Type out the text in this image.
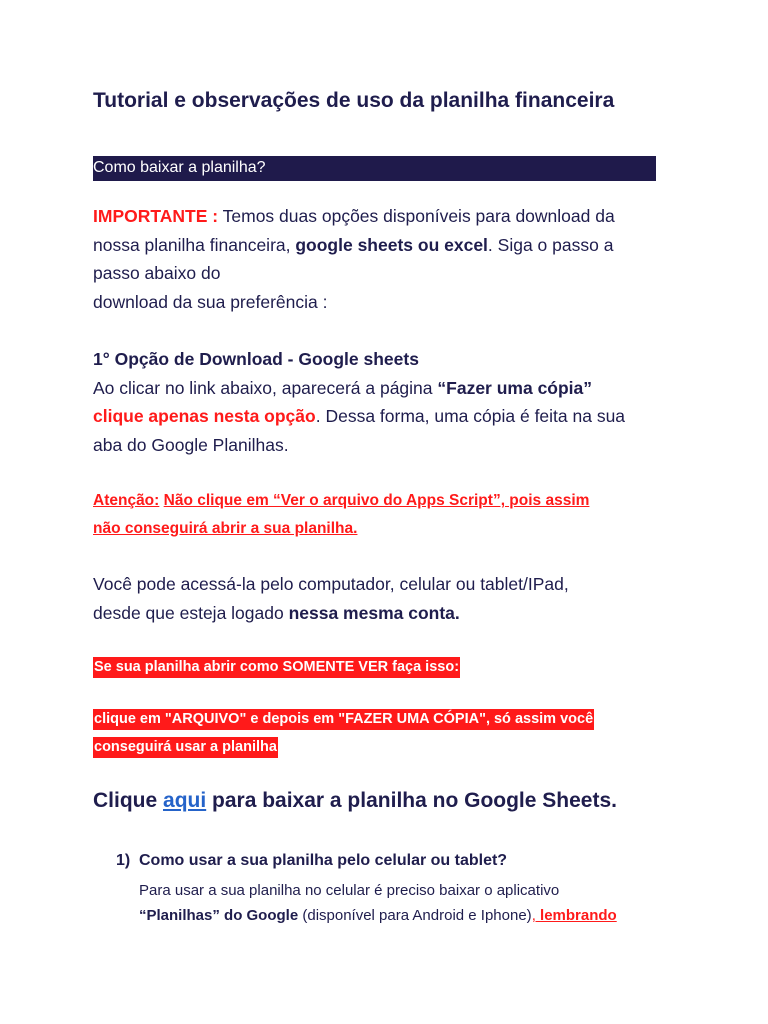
Tutorial e observações de uso da planilha financeira
Como baixar a planilha?
IMPORTANTE : Temos duas opções disponíveis para download da
nossa planilha financeira, google sheets ou excel. Siga o passo a
passo abaixo do
download da sua preferência :
1° Opção de Download - Google sheets
Ao clicar no link abaixo, aparecerá a página “Fazer uma cópia”
clique apenas nesta opção. Dessa forma, uma cópia é feita na sua
aba do Google Planilhas.
Atenção: Não clique em “Ver o arquivo do Apps Script”, pois assim
não conseguirá abrir a sua planilha.
Você pode acessá-la pelo computador, celular ou tablet/IPad,
desde que esteja logado nessa mesma conta.
Se sua planilha abrir como SOMENTE VER faça isso:
clique em "ARQUIVO" e depois em "FAZER UMA CÓPIA", só assim você
conseguirá usar a planilha
Clique aqui para baixar a planilha no Google Sheets.
1) Como usar a sua planilha pelo celular ou tablet?
Para usar a sua planilha no celular é preciso baixar o aplicativo
“Planilhas” do Google (disponível para Android e Iphone), lembrando
